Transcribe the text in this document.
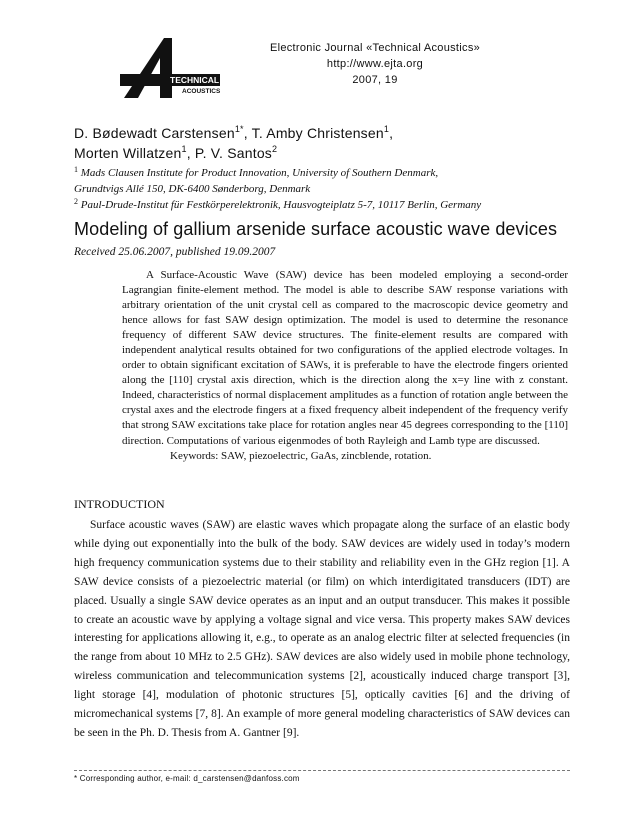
TECHNICAL
ACOUSTICS
Electronic Journal «Technical Acoustics»
http://www.ejta.org
2007, 19
D. Bødewadt Carstensen$^{1*}$, T. Amby Christensen$^1$,
Morten Willatzen$^1$, P. V. Santos$^2$
$^1$ Mads Clausen Institute for Product Innovation, University of Southern Denmark,
Grundtvigs Allé 150, DK-6400 Sønderborg, Denmark
$^2$ Paul-Drude-Institut für Festkörperelektronik, Hausvogteiplatz 5-7, 10117 Berlin, Germany
Modeling of gallium arsenide surface acoustic wave devices
Received 25.06.2007, published 19.09.2007

A Surface-Acoustic Wave (SAW) device has been modeled employing a second-order Lagrangian finite-element method. The model is able to describe SAW response variations with arbitrary orientation of the unit crystal cell as compared to the macroscopic device geometry and hence allows for fast SAW design optimization. The model is used to determine the resonance frequency of different SAW device structures. The finite-element results are compared with independent analytical results obtained for two configurations of the applied electrode voltages. In order to obtain significant excitation of SAWs, it is preferable to have the electrode fingers oriented along the [110] crystal axis direction, which is the direction along the x=y line with z constant. Indeed, characteristics of normal displacement amplitudes as a function of rotation angle between the crystal axes and the electrode fingers at a fixed frequency albeit independent of the frequency verify that strong SAW excitations take place for rotation angles near 45 degrees corresponding to the [110] direction. Computations of various eigenmodes of both Rayleigh and Lamb type are discussed.

Keywords: SAW, piezoelectric, GaAs, zincblende, rotation.

INTRODUCTION

Surface acoustic waves (SAW) are elastic waves which propagate along the surface of an elastic body while dying out exponentially into the bulk of the body. SAW devices are widely used in today’s modern high frequency communication systems due to their stability and reliability even in the GHz region [1]. A SAW device consists of a piezoelectric material (or film) on which interdigitated transducers (IDT) are placed. Usually a single SAW device operates as an input and an output transducer. This makes it possible to create an acoustic wave by applying a voltage signal and vice versa. This property makes SAW devices interesting for applications allowing it, e.g., to operate as an analog electric filter at selected frequencies (in the range from about 10 MHz to 2.5 GHz). SAW devices are also widely used in mobile phone technology, wireless communication and telecommunication systems [2], acoustically induced charge transport [3], light storage [4], modulation of photonic structures [5], optically cavities [6] and the driving of micromechanical systems [7, 8]. An example of more general modeling characteristics of SAW devices can be seen in the Ph. D. Thesis from A. Gantner [9].

* Corresponding author, e-mail: d_carstensen@danfoss.com
